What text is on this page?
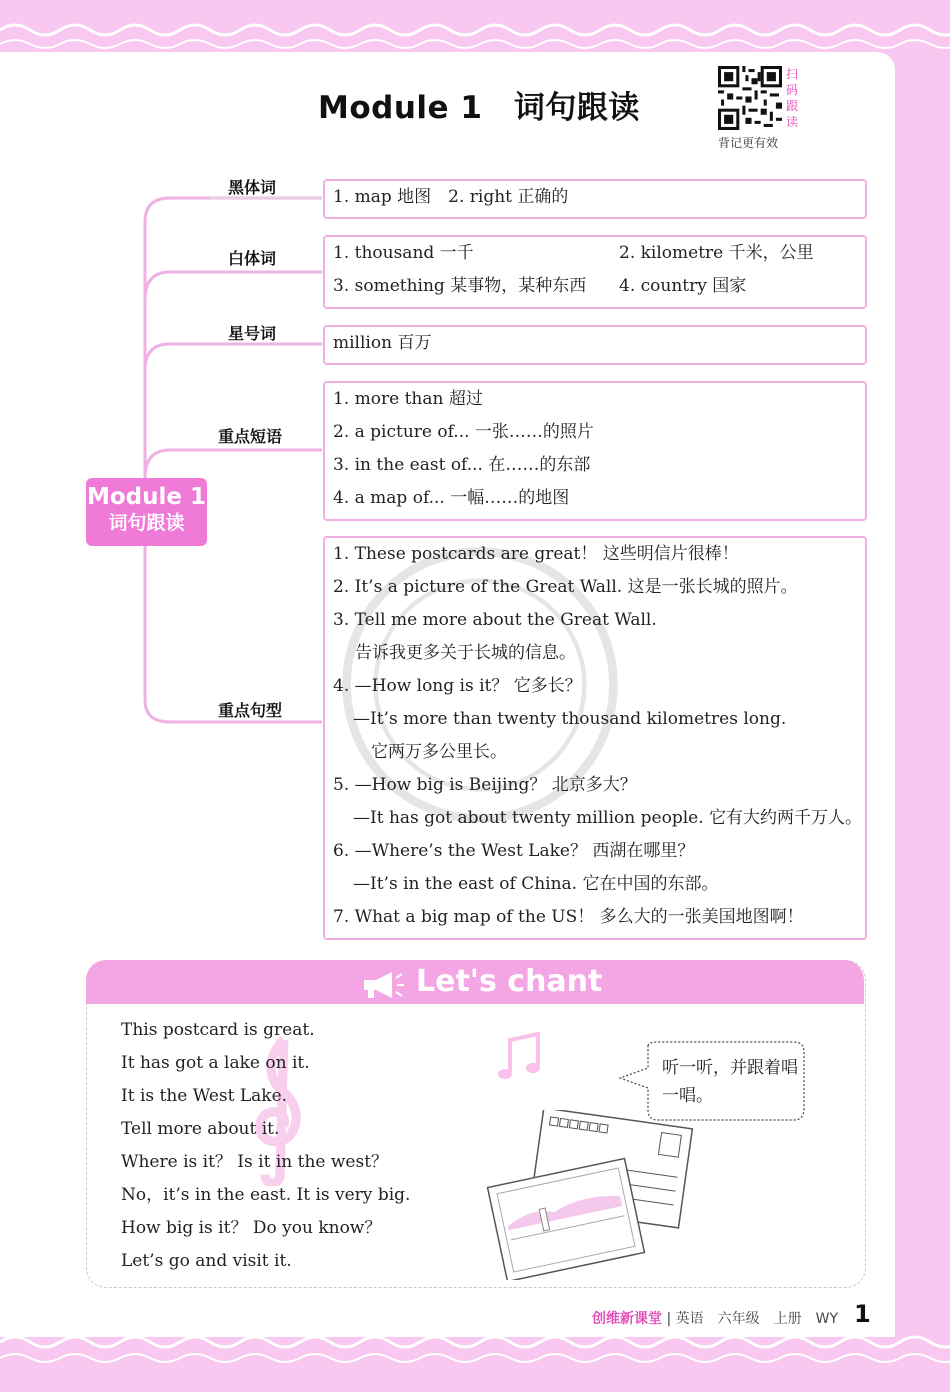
Module 1　词句跟读
扫码跟读
背记更有效
Module 1
词句跟读
黑体词
白体词
星号词
重点短语
重点句型
1. map 地图　2. right 正确的
1. thousand 一千	2. kilometre 千米，公里
3. something 某事物，某种东西 4. country 国家
million 百万
1. more than 超过
2. a picture of... 一张……的照片
3. in the east of... 在……的东部
4. a map of... 一幅……的地图
1. These postcards are great！ 这些明信片很棒！
2. It’s a picture of the Great Wall. 这是一张长城的照片。
3. Tell me more about the Great Wall.
告诉我更多关于长城的信息。
4. —How long is it？ 它多长？
—It’s more than twenty thousand kilometres long.
它两万多公里长。
5. —How big is Beijing？ 北京多大？
—It has got about twenty million people. 它有大约两千万人。
6. —Where’s the West Lake？ 西湖在哪里？
—It’s in the east of China. 它在中国的东部。
7. What a big map of the US！ 多么大的一张美国地图啊！
Let's chant
This postcard is great.
It has got a lake on it.
It is the West Lake.
Tell more about it.
Where is it？ Is it in the west？
No，it’s in the east. It is very big.
How big is it？ Do you know？
Let’s go and visit it.
听一听，并跟着唱一唱。
创维新课堂 | 英语　六年级　上册　WY 1
